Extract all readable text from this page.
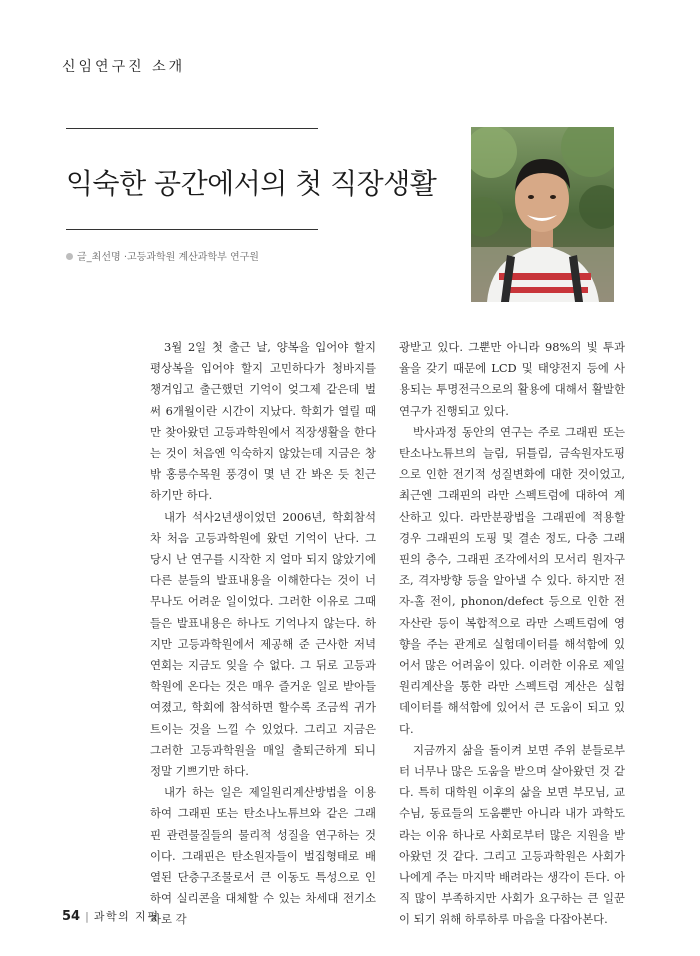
신임연구진 소개
익숙한 공간에서의 첫 직장생활
글_최선명 ·고등과학원 계산과학부 연구원

3월 2일 첫 출근 날, 양복을 입어야 할지 평상복을 입어야 할지 고민하다가 청바지를 챙겨입고 출근했던 기억이 엊그제 같은데 벌써 6개월이란 시간이 지났다. 학회가 열릴 때만 찾아왔던 고등과학원에서 직장생활을 한다는 것이 처음엔 익숙하지 않았는데 지금은 창 밖 홍릉수목원 풍경이 몇 년 간 봐온 듯 친근하기만 하다.

내가 석사2년생이었던 2006년, 학회참석차 처음 고등과학원에 왔던 기억이 난다. 그 당시 난 연구를 시작한 지 얼마 되지 않았기에 다른 분들의 발표내용을 이해한다는 것이 너무나도 어려운 일이었다. 그러한 이유로 그때 들은 발표내용은 하나도 기억나지 않는다. 하지만 고등과학원에서 제공해 준 근사한 저녁연회는 지금도 잊을 수 없다. 그 뒤로 고등과학원에 온다는 것은 매우 즐거운 일로 받아들여졌고, 학회에 참석하면 할수록 조금씩 귀가 트이는 것을 느낄 수 있었다. 그리고 지금은 그러한 고등과학원을 매일 출퇴근하게 되니 정말 기쁘기만 하다.

내가 하는 일은 제일원리계산방법을 이용하여 그래핀 또는 탄소나노튜브와 같은 그래핀 관련물질들의 물리적 성질을 연구하는 것이다. 그래핀은 탄소원자들이 벌집형태로 배열된 단층구조물로서 큰 이동도 특성으로 인하여 실리콘을 대체할 수 있는 차세대 전기소자로 각

광받고 있다. 그뿐만 아니라 98%의 빛 투과율을 갖기 때문에 LCD 및 태양전지 등에 사용되는 투명전극으로의 활용에 대해서 활발한 연구가 진행되고 있다.

박사과정 동안의 연구는 주로 그래핀 또는 탄소나노튜브의 늘림, 뒤틀림, 금속원자도핑으로 인한 전기적 성질변화에 대한 것이었고, 최근엔 그래핀의 라만 스펙트럼에 대하여 계산하고 있다. 라만분광법을 그래핀에 적용할 경우 그래핀의 도핑 및 결손 정도, 다층 그래핀의 층수, 그래핀 조각에서의 모서리 원자구조, 격자방향 등을 알아낼 수 있다. 하지만 전자-홀 전이, phonon/defect 등으로 인한 전자산란 등이 복합적으로 라만 스펙트럼에 영향을 주는 관계로 실험데이터를 해석함에 있어서 많은 어려움이 있다. 이러한 이유로 제일원리계산을 통한 라만 스펙트럼 계산은 실험데이터를 해석함에 있어서 큰 도움이 되고 있다.

지금까지 삶을 돌이켜 보면 주위 분들로부터 너무나 많은 도움을 받으며 살아왔던 것 같다. 특히 대학원 이후의 삶을 보면 부모님, 교수님, 동료들의 도움뿐만 아니라 내가 과학도라는 이유 하나로 사회로부터 많은 지원을 받아왔던 것 같다. 그리고 고등과학원은 사회가 나에게 주는 마지막 배려라는 생각이 든다. 아직 많이 부족하지만 사회가 요구하는 큰 일꾼이 되기 위해 하루하루 마음을 다잡아본다.

54 | 과학의 지평
